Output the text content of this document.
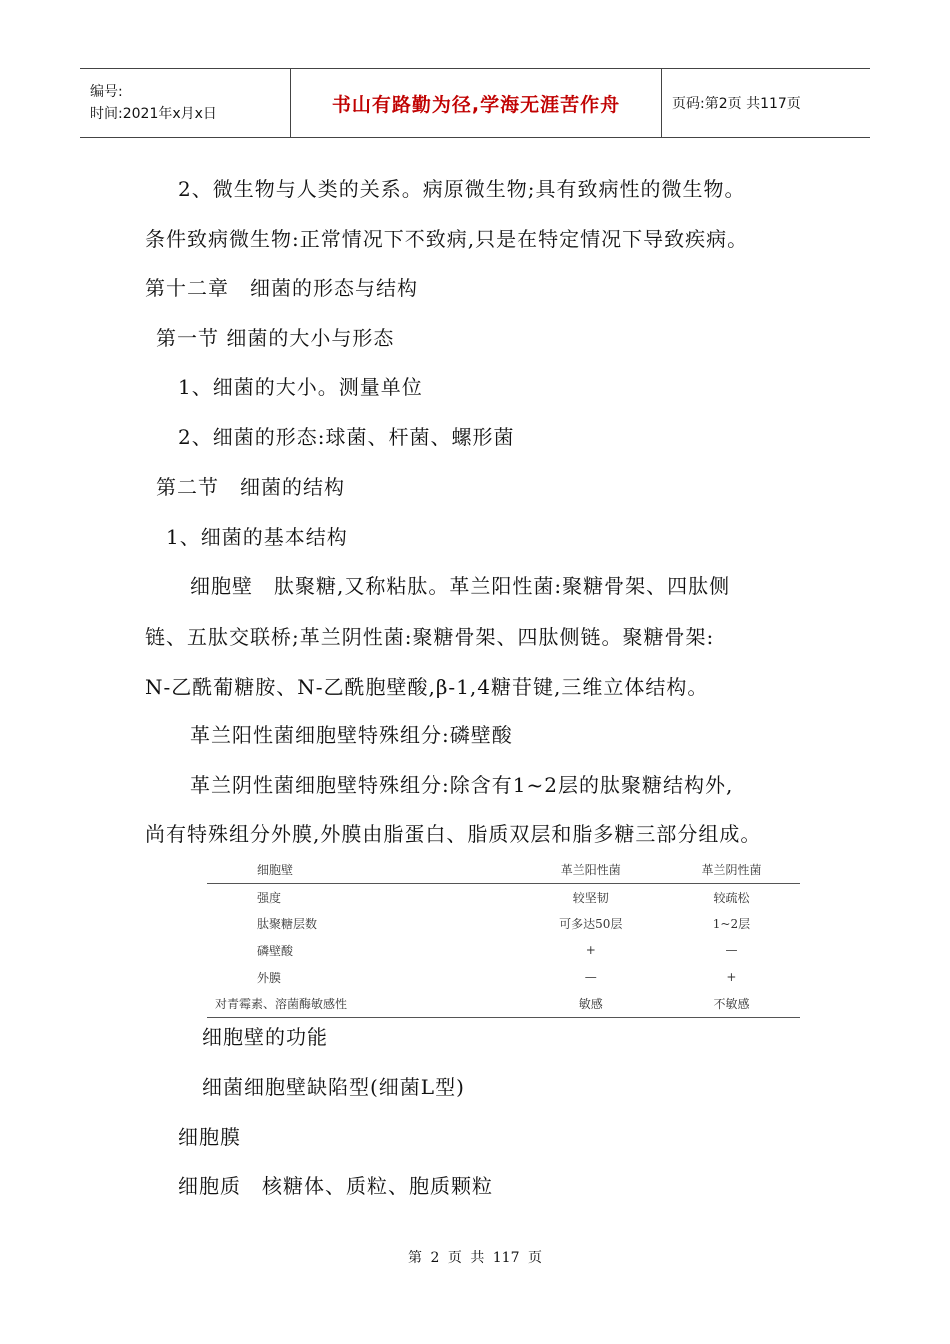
编号:
时间:2021年x月x日	书山有路勤为径,学海无涯苦作舟	页码:第2页 共117页
2、微生物与人类的关系。病原微生物;具有致病性的微生物。
条件致病微生物:正常情况下不致病,只是在特定情况下导致疾病。
第十二章　细菌的形态与结构
第一节 细菌的大小与形态
1、细菌的大小。测量单位
2、细菌的形态:球菌、杆菌、螺形菌
第二节　细菌的结构
1、细菌的基本结构
细胞壁　肽聚糖,又称粘肽。革兰阳性菌:聚糖骨架、四肽侧
链、五肽交联桥;革兰阴性菌:聚糖骨架、四肽侧链。聚糖骨架:
N-乙酰葡糖胺、N-乙酰胞壁酸,β-1,4糖苷键,三维立体结构。
革兰阳性菌细胞壁特殊组分:磷壁酸
革兰阴性菌细胞壁特殊组分:除含有1~2层的肽聚糖结构外,
尚有特殊组分外膜,外膜由脂蛋白、脂质双层和脂多糖三部分组成。
细胞壁	革兰阳性菌	革兰阴性菌
强度	较坚韧	较疏松
肽聚糖层数	可多达50层	1~2层
磷壁酸	+	—
外膜	—	+
对青霉素、溶菌酶敏感性	敏感	不敏感
细胞壁的功能
细菌细胞壁缺陷型(细菌L型)
细胞膜
细胞质　核糖体、质粒、胞质颗粒
第 2 页 共 117 页
